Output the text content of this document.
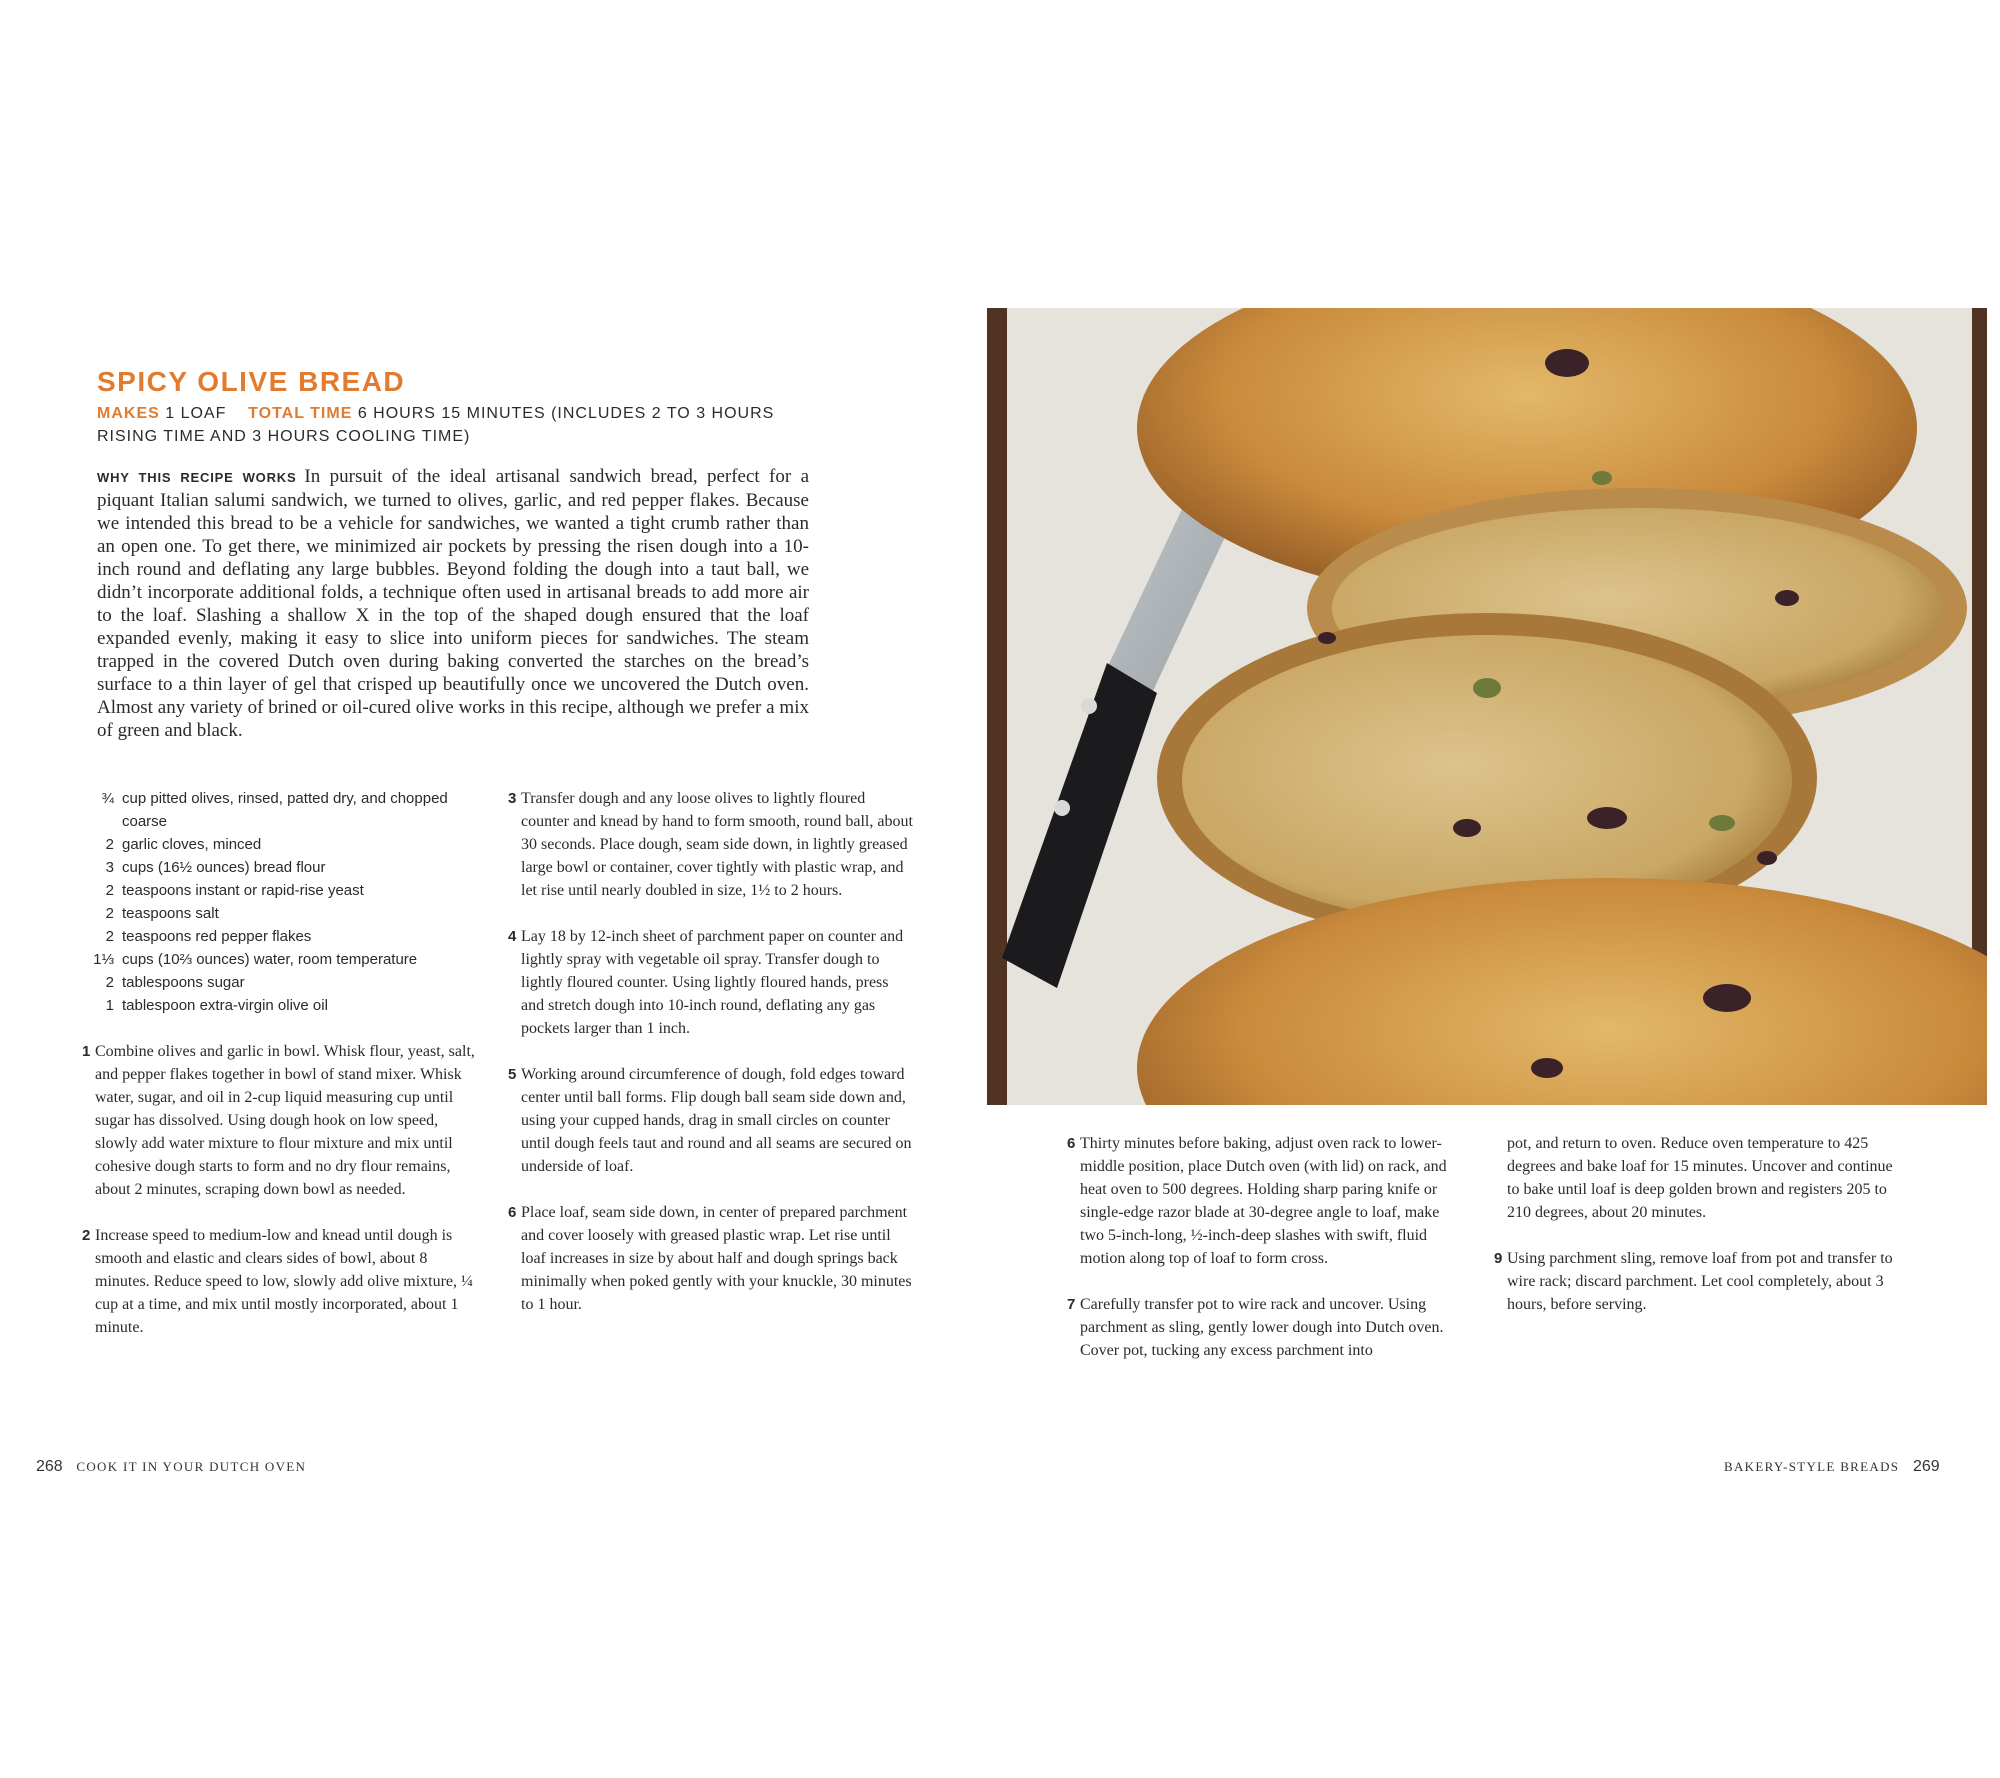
SPICY OLIVE BREAD
MAKES 1 LOAF TOTAL TIME 6 HOURS 15 MINUTES (INCLUDES 2 TO 3 HOURS RISING TIME AND 3 HOURS COOLING TIME)

WHY THIS RECIPE WORKS In pursuit of the ideal artisanal sandwich bread, perfect for a piquant Italian salumi sandwich, we turned to olives, garlic, and red pepper flakes. Because we intended this bread to be a vehicle for sandwiches, we wanted a tight crumb rather than an open one. To get there, we minimized air pockets by pressing the risen dough into a 10-inch round and deflating any large bubbles. Beyond folding the dough into a taut ball, we didn’t incorporate additional folds, a technique often used in artisanal breads to add more air to the loaf. Slashing a shallow X in the top of the shaped dough ensured that the loaf expanded evenly, making it easy to slice into uniform pieces for sandwiches. The steam trapped in the covered Dutch oven during baking converted the starches on the bread’s surface to a thin layer of gel that crisped up beautifully once we uncovered the Dutch oven. Almost any variety of brined or oil-cured olive works in this recipe, although we prefer a mix of green and black.

¾ cup pitted olives, rinsed, patted dry, and chopped coarse
2 garlic cloves, minced
3 cups (16½ ounces) bread flour
2 teaspoons instant or rapid-rise yeast
2 teaspoons salt
2 teaspoons red pepper flakes
1⅓ cups (10⅔ ounces) water, room temperature
2 tablespoons sugar
1 tablespoon extra-virgin olive oil
1 Combine olives and garlic in bowl. Whisk flour, yeast, salt, and pepper flakes together in bowl of stand mixer. Whisk water, sugar, and oil in 2-cup liquid measuring cup until sugar has dissolved. Using dough hook on low speed, slowly add water mixture to flour mixture and mix until cohesive dough starts to form and no dry flour remains, about 2 minutes, scraping down bowl as needed.
2 Increase speed to medium-low and knead until dough is smooth and elastic and clears sides of bowl, about 8 minutes. Reduce speed to low, slowly add olive mixture, ¼ cup at a time, and mix until mostly incorporated, about 1 minute.
3 Transfer dough and any loose olives to lightly floured counter and knead by hand to form smooth, round ball, about 30 seconds. Place dough, seam side down, in lightly greased large bowl or container, cover tightly with plastic wrap, and let rise until nearly doubled in size, 1½ to 2 hours.
4 Lay 18 by 12-inch sheet of parchment paper on counter and lightly spray with vegetable oil spray. Transfer dough to lightly floured counter. Using lightly floured hands, press and stretch dough into 10-inch round, deflating any gas pockets larger than 1 inch.
5 Working around circumference of dough, fold edges toward center until ball forms. Flip dough ball seam side down and, using your cupped hands, drag in small circles on counter until dough feels taut and round and all seams are secured on underside of loaf.
6 Place loaf, seam side down, in center of prepared parchment and cover loosely with greased plastic wrap. Let rise until loaf increases in size by about half and dough springs back minimally when poked gently with your knuckle, 30 minutes to 1 hour.
6 Thirty minutes before baking, adjust oven rack to lower-middle position, place Dutch oven (with lid) on rack, and heat oven to 500 degrees. Holding sharp paring knife or single-edge razor blade at 30-degree angle to loaf, make two 5-inch-long, ½-inch-deep slashes with swift, fluid motion along top of loaf to form cross.
7 Carefully transfer pot to wire rack and uncover. Using parchment as sling, gently lower dough into Dutch oven. Cover pot, tucking any excess parchment into
pot, and return to oven. Reduce oven temperature to 425 degrees and bake loaf for 15 minutes. Uncover and continue to bake until loaf is deep golden brown and registers 205 to 210 degrees, about 20 minutes.
9 Using parchment sling, remove loaf from pot and transfer to wire rack; discard parchment. Let cool completely, about 3 hours, before serving.
268 COOK IT IN YOUR DUTCH OVEN	BAKERY-STYLE BREADS 269
